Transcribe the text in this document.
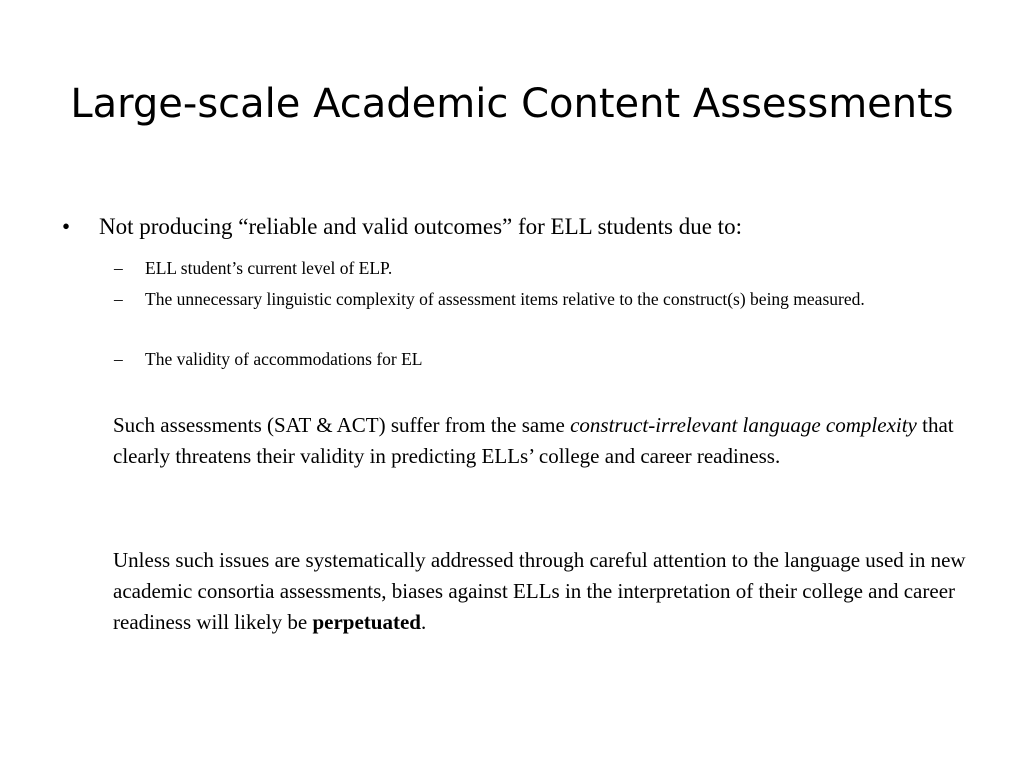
Large-scale Academic Content Assessments
• Not producing “reliable and valid outcomes” for ELL students due to:
– ELL student’s current level of ELP.
– The unnecessary linguistic complexity of assessment items relative to the construct(s) being measured.
– The validity of accommodations for EL

Such assessments (SAT & ACT) suffer from the same construct-irrelevant language complexity that clearly threatens their validity in predicting ELLs’ college and career readiness.

Unless such issues are systematically addressed through careful attention to the language used in new academic consortia assessments, biases against ELLs in the interpretation of their college and career readiness will likely be perpetuated.
